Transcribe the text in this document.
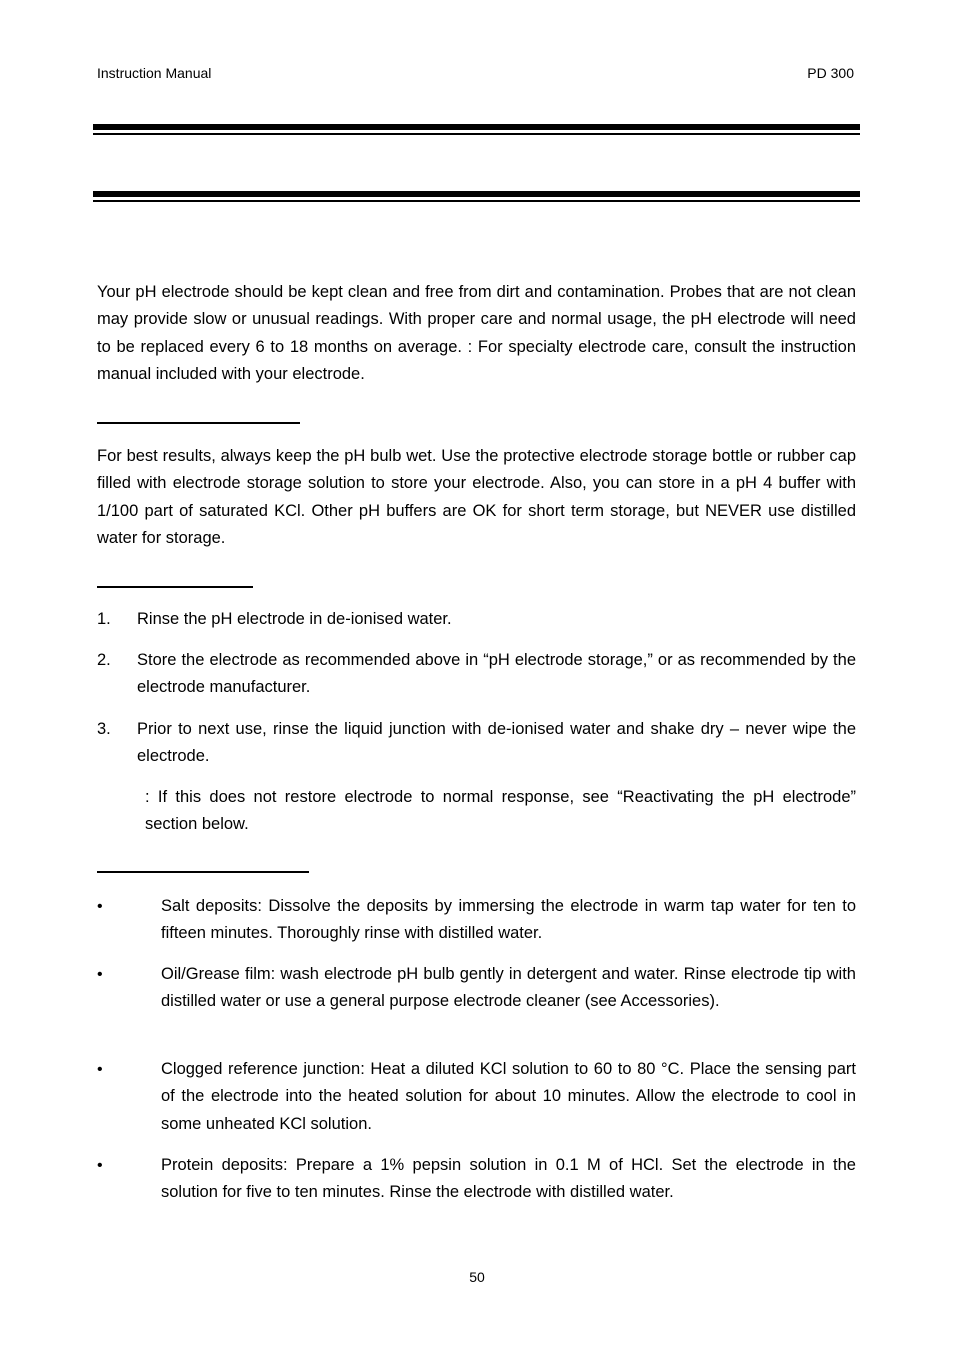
Instruction Manual	PD 300

Your pH electrode should be kept clean and free from dirt and contamination. Probes that are not clean may provide slow or unusual readings. With proper care and normal usage, the pH electrode will need to be replaced every 6 to 18 months on average. : For specialty electrode care, consult the instruction manual included with your electrode.

For best results, always keep the pH bulb wet. Use the protective electrode storage bottle or rubber cap filled with electrode storage solution to store your electrode. Also, you can store in a pH 4 buffer with 1/100 part of saturated KCl. Other pH buffers are OK for short term storage, but NEVER use distilled water for storage.

1. Rinse the pH electrode in de-ionised water.

2. Store the electrode as recommended above in “pH electrode storage,” or as recommended by the electrode manufacturer.

3. Prior to next use, rinse the liquid junction with de-ionised water and shake dry – never wipe the electrode.

: If this does not restore electrode to normal response, see “Reactivating the pH electrode” section below.

•	Salt deposits: Dissolve the deposits by immersing the electrode in warm tap water for ten to fifteen minutes. Thoroughly rinse with distilled water.

•	Oil/Grease film: wash electrode pH bulb gently in detergent and water. Rinse electrode tip with distilled water or use a general purpose electrode cleaner (see Accessories).

•	Clogged reference junction: Heat a diluted KCl solution to 60 to 80 °C. Place the sensing part of the electrode into the heated solution for about 10 minutes. Allow the electrode to cool in some unheated KCl solution.

•	Protein deposits: Prepare a 1% pepsin solution in 0.1 M of HCl. Set the electrode in the solution for five to ten minutes. Rinse the electrode with distilled water.

50
